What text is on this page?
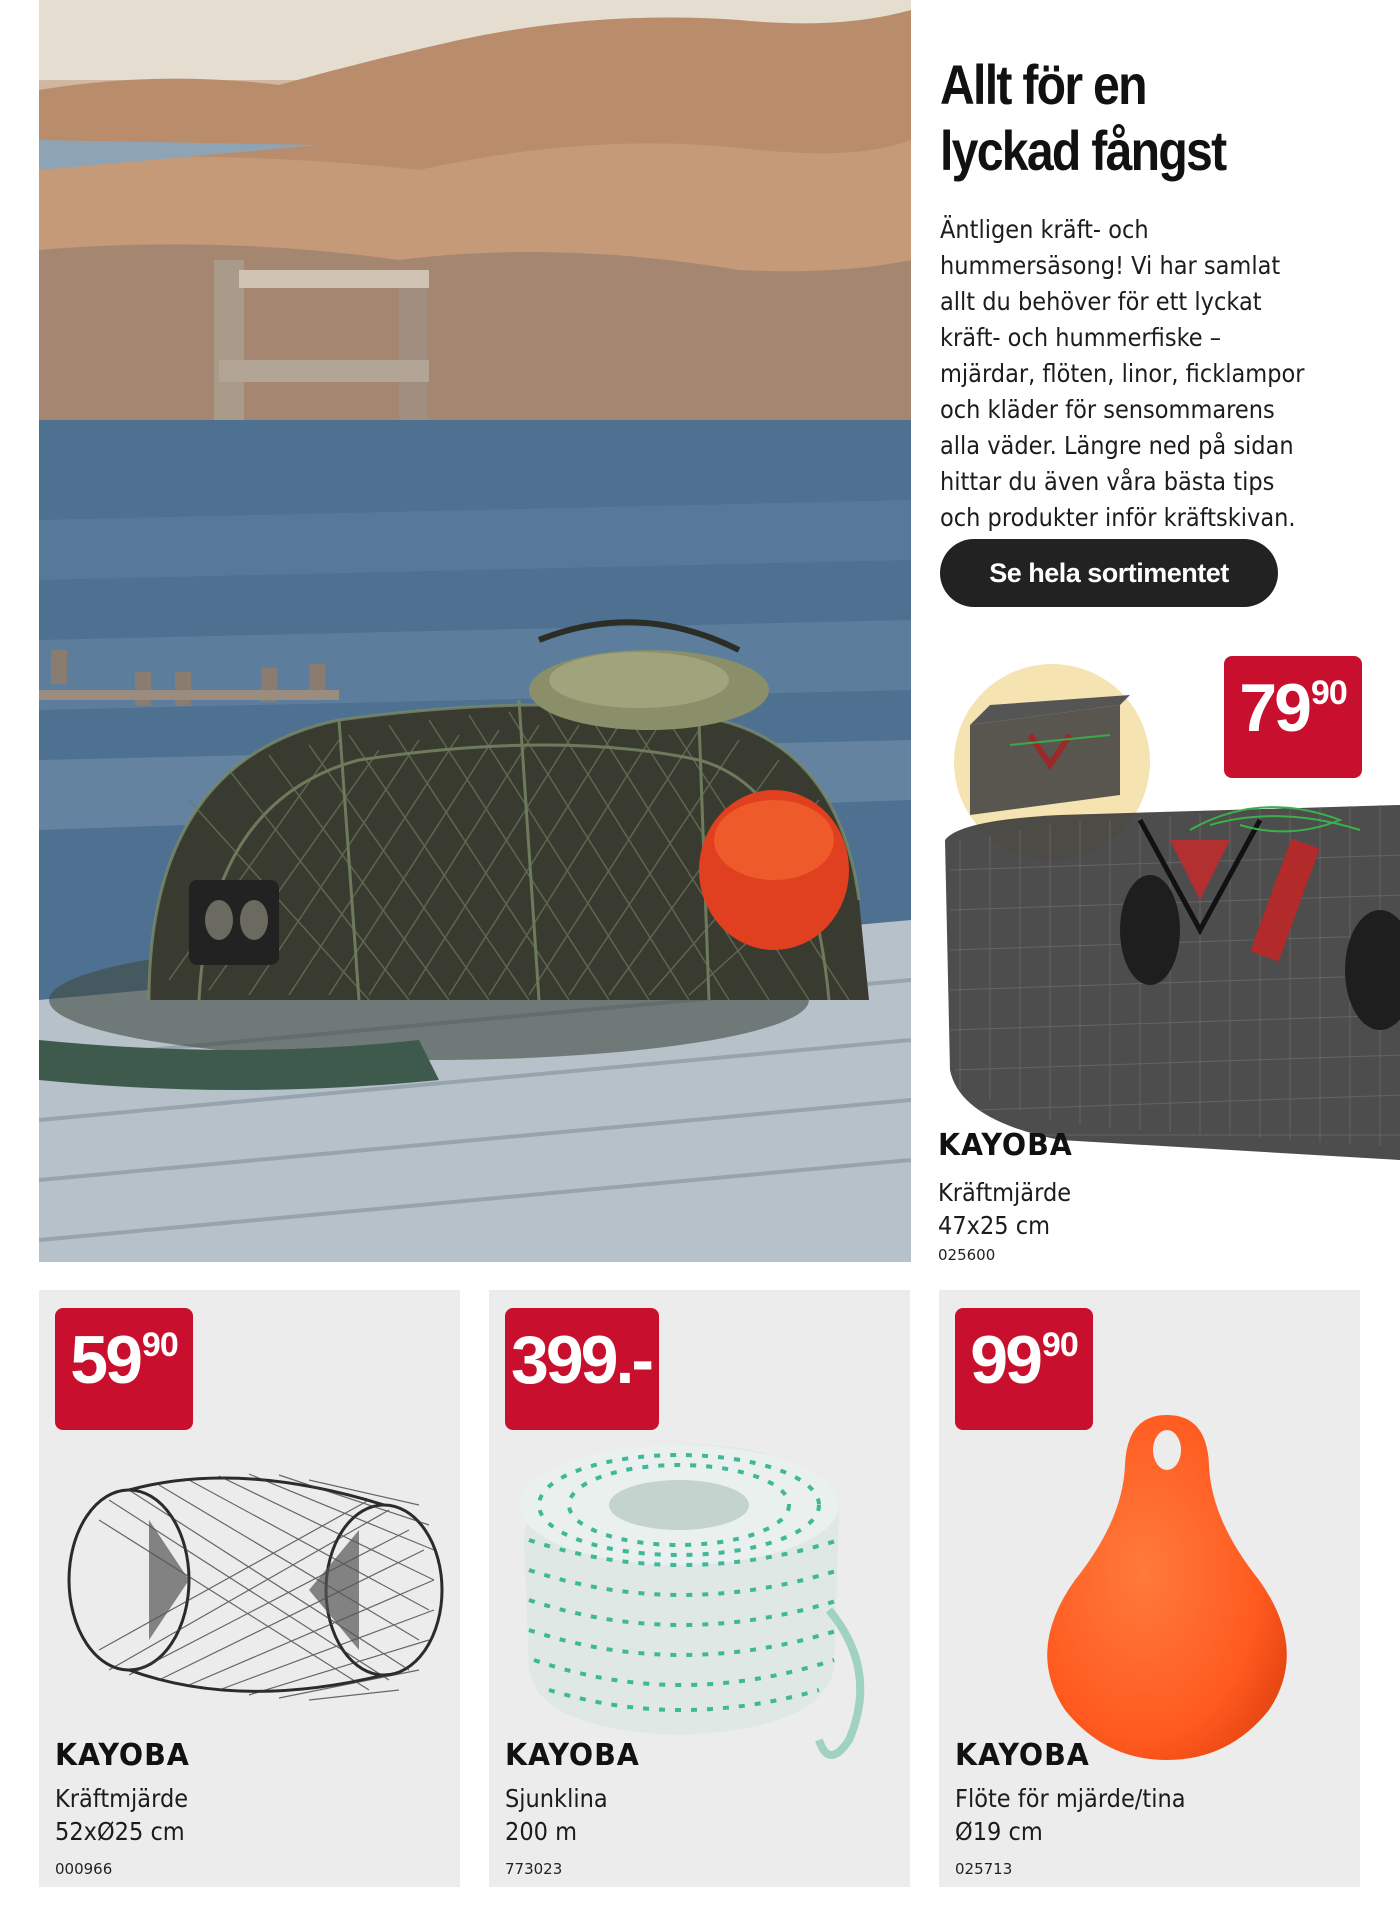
Allt för en
lyckad fångst

Äntligen kräft- och hummersäsong! Vi har samlat allt du behöver för ett lyckat kräft- och hummerfiske – mjärdar, flöten, linor, ficklampor och kläder för sensommarens alla väder. Längre ned på sidan hittar du även våra bästa tips och produkter inför kräftskivan.

Se hela sortimentet
79 90
KAYOBA
Kräftmjärde
47x25 cm
025600
59 90
KAYOBA
Kräftmjärde
52xØ25 cm
000966
399.-
KAYOBA
Sjunklina
200 m
773023
99 90
KAYOBA
Flöte för mjärde/tina
Ø19 cm
025713
